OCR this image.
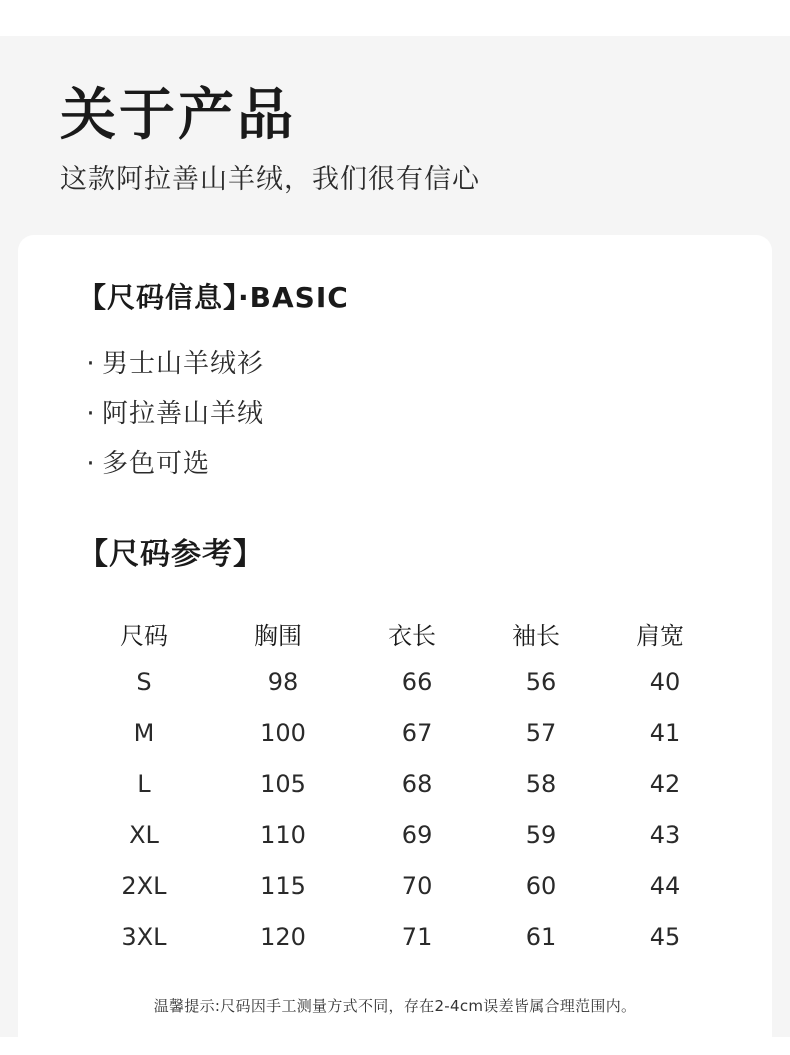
关于产品
这款阿拉善山羊绒，我们很有信心
【尺码信息】·BASIC
· 男士山羊绒衫
· 阿拉善山羊绒
· 多色可选
【尺码参考】
尺码	胸围	衣长	袖长	肩宽
S	98	66	56	40
M	100	67	57	41
L	105	68	58	42
XL	110	69	59	43
2XL	115	70	60	44
3XL	120	71	61	45
温馨提示:尺码因手工测量方式不同，存在2-4cm误差皆属合理范围内。
